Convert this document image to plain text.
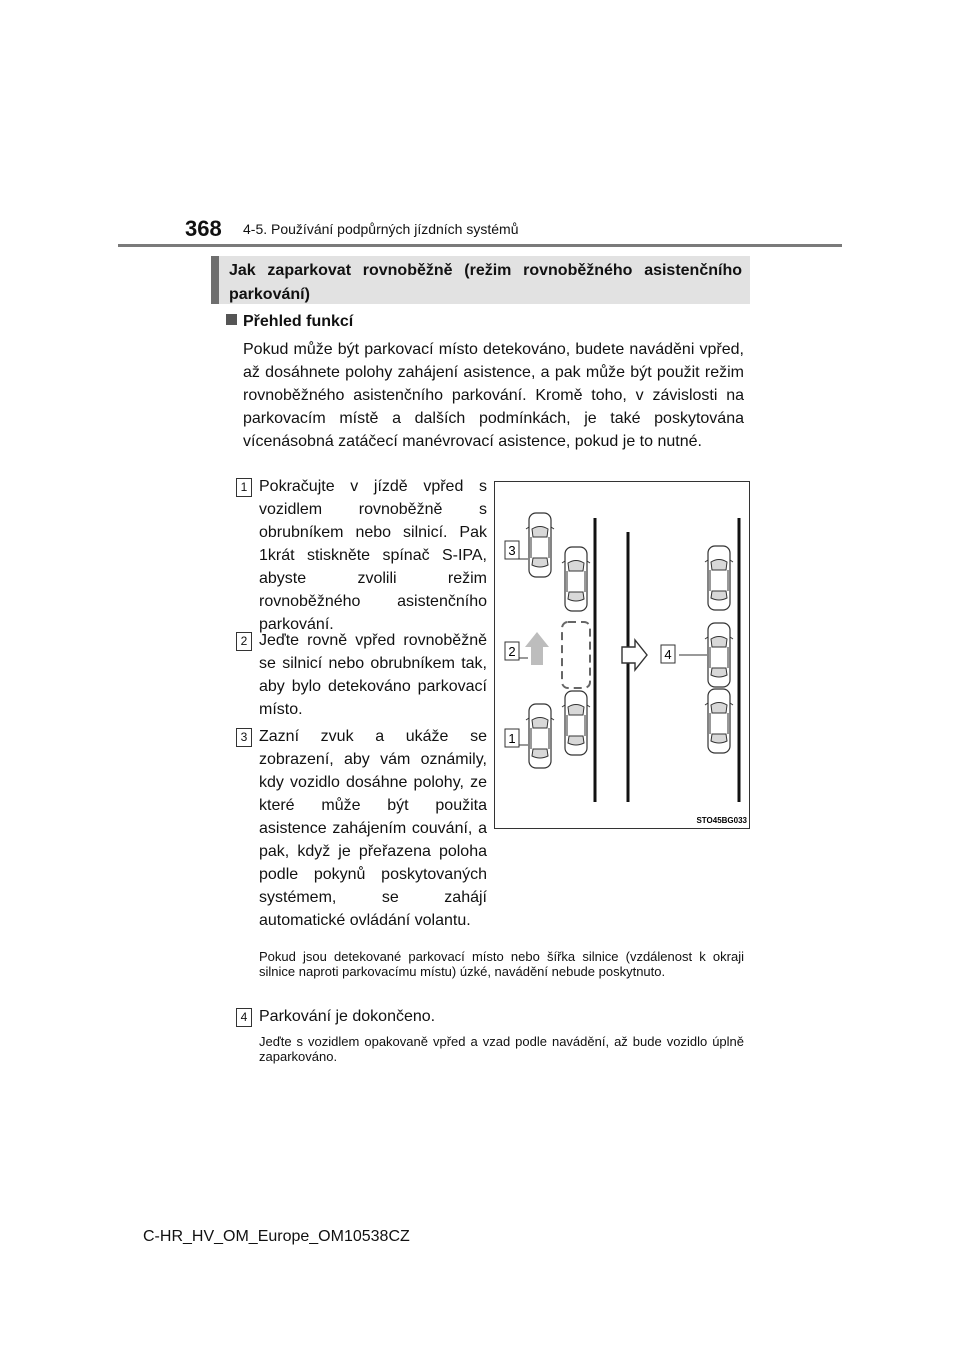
368 4-5. Používání podpůrných jízdních systémů
Jak zaparkovat rovnoběžně (režim rovnoběžného asistenčního parkování)
Přehled funkcí

Pokud může být parkovací místo detekováno, budete naváděni vpřed, až dosáhnete polohy zahájení asistence, a pak může být použit režim rovnoběžného asistenčního parkování. Kromě toho, v závislosti na parkovacím místě a dalších podmínkách, je také poskytována vícenásobná zatáčecí manévrovací asistence, pokud je to nutné.

1 Pokračujte v jízdě vpřed s vozidlem rovnoběžně s obrubníkem nebo silnicí. Pak 1krát stiskněte spínač S-IPA, abyste zvolili režim rovnoběžného asistenčního parkování.

2 Jeďte rovně vpřed rovnoběžně se silnicí nebo obrubníkem tak, aby bylo detekováno parkovací místo.

3 Zazní zvuk a ukáže se zobrazení, aby vám oznámily, kdy vozidlo dosáhne polohy, ze které může být použita asistence zahájením couvání, a pak, když je přeřazena poloha podle pokynů poskytovaných systémem, se zahájí automatické ovládání volantu.

Pokud jsou detekované parkovací místo nebo šířka silnice (vzdálenost k okraji silnice naproti parkovacímu místu) úzké, navádění nebude poskytnuto.

4 Parkování je dokončeno.

Jeďte s vozidlem opakovaně vpřed a vzad podle navádění, až bude vozidlo úplně zaparkováno.

3
2
1
4
STO45BG033
C-HR_HV_OM_Europe_OM10538CZ
